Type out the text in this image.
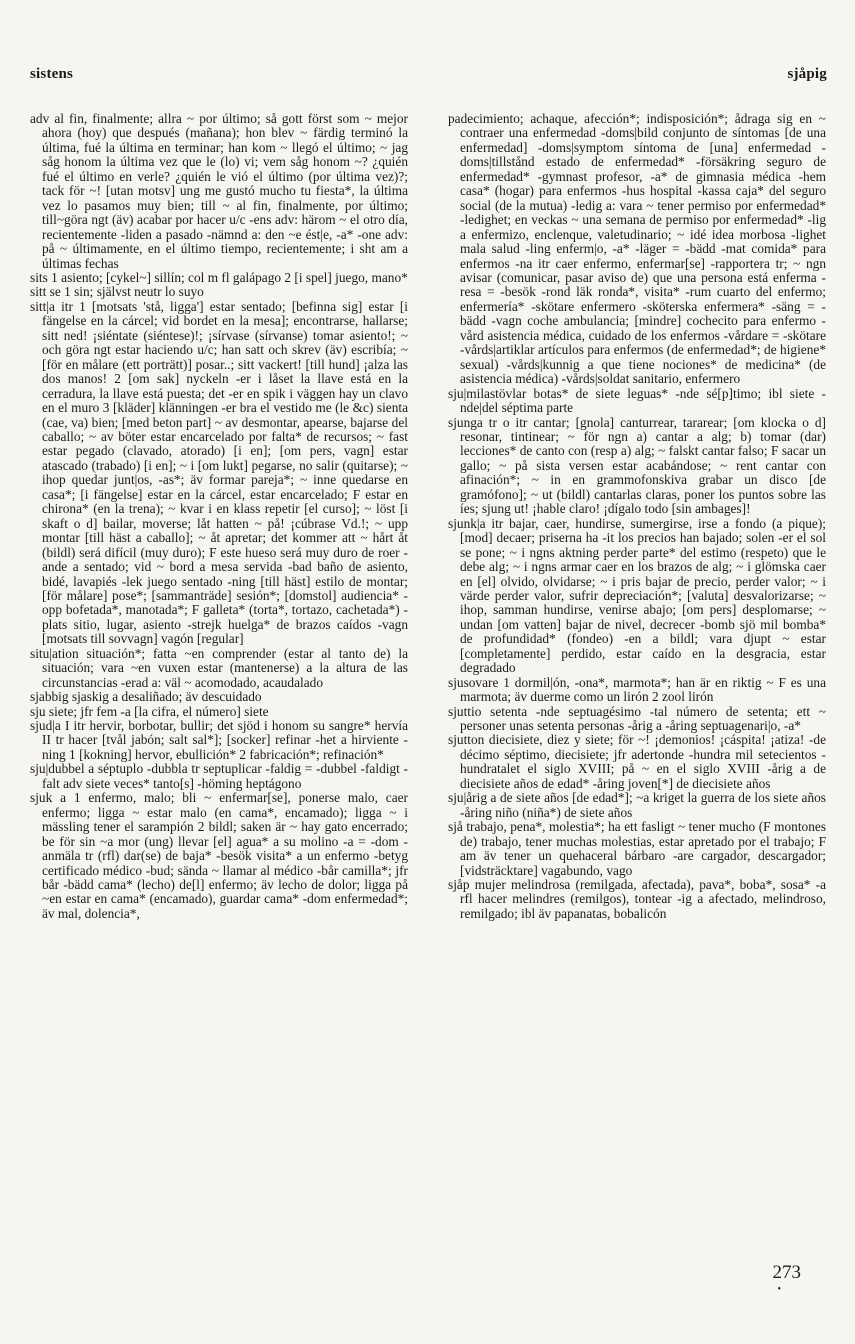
sistens	sjåpig

adv al fin, finalmente; allra ~ por último; så gott först som ~ mejor ahora (hoy) que después (mañana); hon blev ~ färdig terminó la última, fué la última en terminar; han kom ~ llegó el último; ~ jag såg honom la última vez que le (lo) vi; vem såg honom ~? ¿quién fué el último en verle? ¿quién le vió el último (por última vez)?; tack för ~! [utan motsv] ung me gustó mucho tu fiesta*, la última vez lo pasamos muy bien; till ~ al fin, finalmente, por último; till~göra ngt (äv) acabar por hacer u/c -ens adv: härom ~ el otro día, recientemente -liden a pasado -nämnd a: den ~e ést|e, -a* -one adv: på ~ últimamente, en el último tiempo, recientemente; i sht am a últimas fechas

sits 1 asiento; [cykel~] sillín; col m fl galápago 2 [i spel] juego, mano*

sitt se 1 sin; självst neutr lo suyo

sitt|a itr 1 [motsats 'stå, ligga'] estar sentado; [befinna sig] estar [i fängelse en la cárcel; vid bordet en la mesa]; encontrarse, hallarse; sitt ned! ¡siéntate (siéntese)!; ¡sírvase (sírvanse) tomar asiento!; ~ och göra ngt estar haciendo u/c; han satt och skrev (äv) escribía; ~ [för en målare (ett porträtt)] posar..; sitt vackert! [till hund] ¡alza las dos manos! 2 [om sak] nyckeln -er i låset la llave está en la cerradura, la llave está puesta; det -er en spik i väggen hay un clavo en el muro 3 [kläder] klänningen -er bra el vestido me (le &c) sienta (cae, va) bien; [med beton part] ~ av desmontar, apearse, bajarse del caballo; ~ av böter estar encarcelado por falta* de recursos; ~ fast estar pegado (clavado, atorado) [i en]; [om pers, vagn] estar atascado (trabado) [i en]; ~ i [om lukt] pegarse, no salir (quitarse); ~ ihop quedar junt|os, -as*; äv formar pareja*; ~ inne quedarse en casa*; [i fängelse] estar en la cárcel, estar encarcelado; F estar en chirona* (en la trena); ~ kvar i en klass repetir [el curso]; ~ löst [i skaft o d] bailar, moverse; låt hatten ~ på! ¡cúbrase Vd.!; ~ upp montar [till häst a caballo]; ~ åt apretar; det kommer att ~ hårt åt (bildl) será difícil (muy duro); F este hueso será muy duro de roer -ande a sentado; vid ~ bord a mesa servida -bad baño de asiento, bidé, lavapiés -lek juego sentado -ning [till häst] estilo de montar; [för målare] pose*; [sammanträde] sesión*; [domstol] audiencia* -opp bofetada*, manotada*; F galleta* (torta*, tortazo, cachetada*) -plats sitio, lugar, asiento -strejk huelga* de brazos caídos -vagn [motsats till sovvagn] vagón [regular]

situ|ation situación*; fatta ~en comprender (estar al tanto de) la situación; vara ~en vuxen estar (mantenerse) a la altura de las circunstancias -erad a: väl ~ acomodado, acaudalado

sjabbig sjaskig a desaliñado; äv descuidado

sju siete; jfr fem -a [la cifra, el número] siete

sjud|a I itr hervir, borbotar, bullir; det sjöd i honom su sangre* hervía II tr hacer [tvål jabón; salt sal*]; [socker] refinar -het a hirviente -ning 1 [kokning] hervor, ebullición* 2 fabricación*; refinación*

sju|dubbel a séptuplo -dubbla tr septuplicar -faldig = -dubbel -faldigt -falt adv siete veces* tanto[s] -höming heptágono

sjuk a 1 enfermo, malo; bli ~ enfermar[se], ponerse malo, caer enfermo; ligga ~ estar malo (en cama*, encamado); ligga ~ i mässling tener el sarampión 2 bildl; saken är ~ hay gato encerrado; be för sin ~a mor (ung) llevar [el] agua* a su molino -a = -dom -anmäla tr (rfl) dar(se) de baja* -besök visita* a un enfermo -betyg certificado médico -bud; sända ~ llamar al médico -bår camilla*; jfr bår -bädd cama* (lecho) de[l] enfermo; äv lecho de dolor; ligga på ~en estar en cama* (encamado), guardar cama* -dom enfermedad*; äv mal, dolencia*,

padecimiento; achaque, afección*; indisposición*; ådraga sig en ~ contraer una enfermedad -doms|bild conjunto de síntomas [de una enfermedad] -doms|symptom síntoma de [una] enfermedad -doms|tillstånd estado de enfermedad* -försäkring seguro de enfermedad* -gymnast profesor, -a* de gimnasia médica -hem casa* (hogar) para enfermos -hus hospital -kassa caja* del seguro social (de la mutua) -ledig a: vara ~ tener permiso por enfermedad* -ledighet; en veckas ~ una semana de permiso por enfermedad* -lig a enfermizo, enclenque, valetudinario; ~ idé idea morbosa -lighet mala salud -ling enferm|o, -a* -läger = -bädd -mat comida* para enfermos -na itr caer enfermo, enfermar[se] -rapportera tr; ~ ngn avisar (comunicar, pasar aviso de) que una persona está enferma -resa = -besök -rond läk ronda*, visita* -rum cuarto del enfermo; enfermería* -skötare enfermero -sköterska enfermera* -säng = -bädd -vagn coche ambulancia; [mindre] cochecito para enfermo -vård asistencia médica, cuidado de los enfermos -vårdare = -skötare -vårds|artiklar artículos para enfermos (de enfermedad*; de higiene* sexual) -vårds|kunnig a que tiene nociones* de medicina* (de asistencia médica) -vårds|soldat sanitario, enfermero

sju|milastövlar botas* de siete leguas* -nde sé[p]timo; ibl siete -nde|del séptima parte

sjunga tr o itr cantar; [gnola] canturrear, tararear; [om klocka o d] resonar, tintinear; ~ för ngn a) cantar a alg; b) tomar (dar) lecciones* de canto con (resp a) alg; ~ falskt cantar falso; F sacar un gallo; ~ på sista versen estar acabándose; ~ rent cantar con afinación*; ~ in en grammofonskiva grabar un disco [de gramófono]; ~ ut (bildl) cantarlas claras, poner los puntos sobre las íes; sjung ut! ¡hable claro! ¡dígalo todo [sin ambages]!

sjunk|a itr bajar, caer, hundirse, sumergirse, irse a fondo (a pique); [mod] decaer; priserna ha -it los precios han bajado; solen -er el sol se pone; ~ i ngns aktning perder parte* del estimo (respeto) que le debe alg; ~ i ngns armar caer en los brazos de alg; ~ i glömska caer en [el] olvido, olvidarse; ~ i pris bajar de precio, perder valor; ~ i värde perder valor, sufrir depreciación*; [valuta] desvalorizarse; ~ ihop, samman hundirse, venirse abajo; [om pers] desplomarse; ~ undan [om vatten] bajar de nivel, decrecer -bomb sjö mil bomba* de profundidad* (fondeo) -en a bildl; vara djupt ~ estar [completamente] perdido, estar caído en la desgracia, estar degradado

sjusovare 1 dormil|ón, -ona*, marmota*; han är en riktig ~ F es una marmota; äv duerme como un lirón 2 zool lirón

sjuttio setenta -nde septuagésimo -tal número de setenta; ett ~ personer unas setenta personas -årig a -åring septuagenari|o, -a*

sjutton diecisiete, diez y siete; för ~! ¡demonios! ¡cáspita! ¡atiza! -de décimo séptimo, diecisiete; jfr adertonde -hundra mil setecientos -hundratalet el siglo XVIII; på ~ en el siglo XVIII -årig a de diecisiete años de edad* -åring joven[*] de diecisiete años

sju|årig a de siete años [de edad*]; ~a kriget la guerra de los siete años -åring niño (niña*) de siete años

sjå trabajo, pena*, molestia*; ha ett fasligt ~ tener mucho (F montones de) trabajo, tener muchas molestias, estar apretado por el trabajo; F am äv tener un quehaceral bárbaro -are cargador, descargador; [vidsträcktare] vagabundo, vago

sjåp mujer melindrosa (remilgada, afectada), pava*, boba*, sosa* -a rfl hacer melindres (remilgos), tontear -ig a afectado, melindroso, remilgado; ibl äv papanatas, bobalicón

273
•
